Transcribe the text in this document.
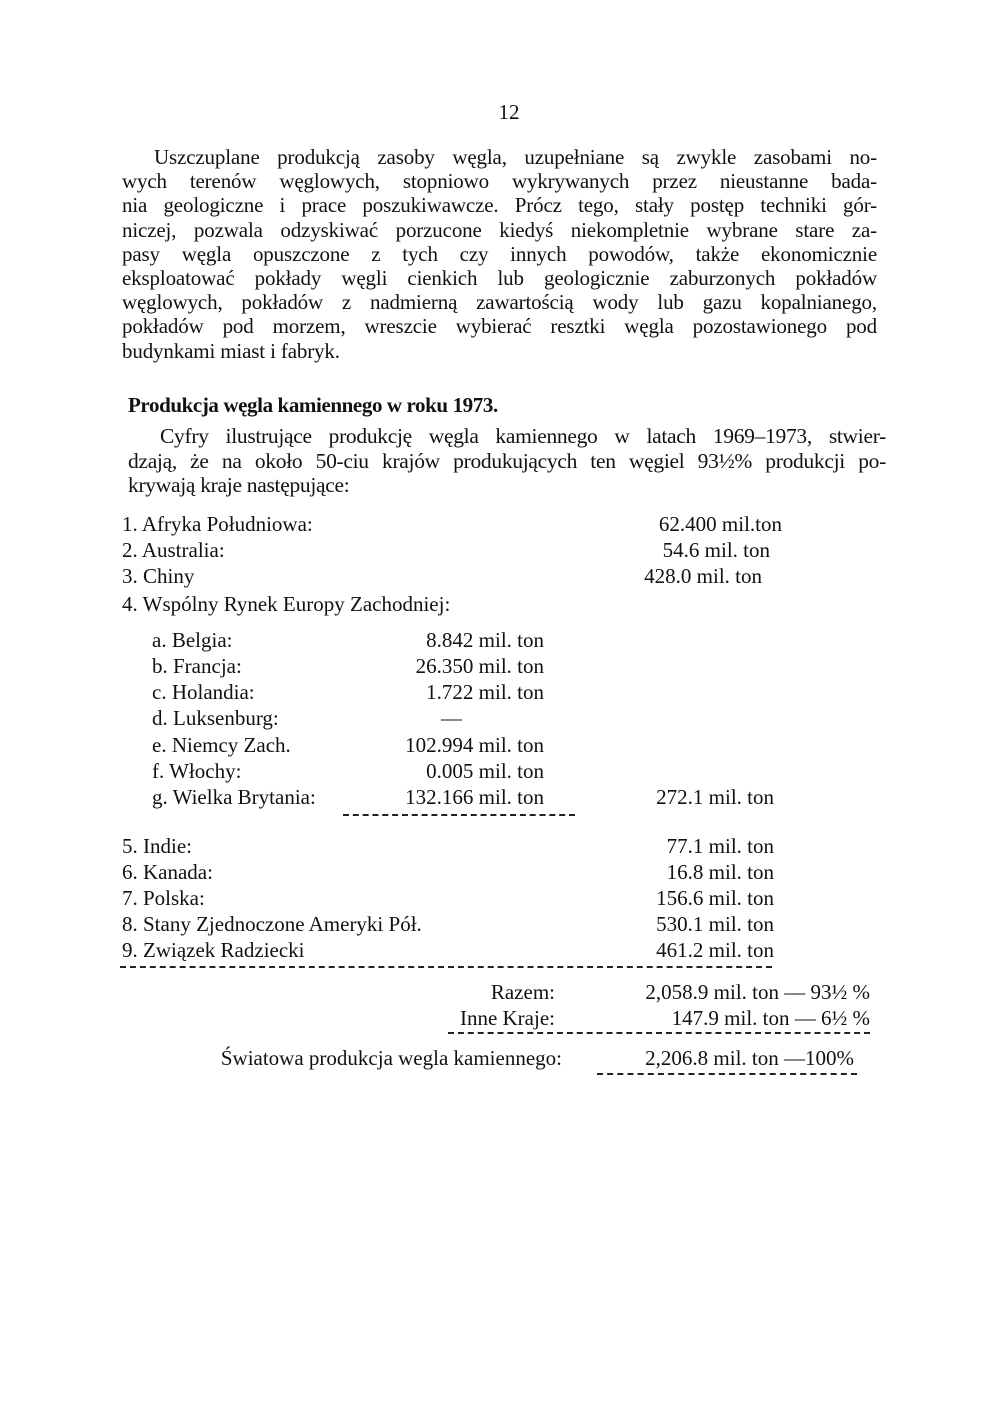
12
Uszczuplane produkcją zasoby węgla, uzupełniane są zwykle zasobami no-
wych terenów węglowych, stopniowo wykrywanych przez nieustanne bada-
nia geologiczne i prace poszukiwawcze. Prócz tego, stały postęp techniki gór-
niczej, pozwala odzyskiwać porzucone kiedyś niekompletnie wybrane stare za-
pasy węgla opuszczone z tych czy innych powodów, także ekonomicznie
eksploatować pokłady węgli cienkich lub geologicznie zaburzonych pokładów
węglowych, pokładów z nadmierną zawartością wody lub gazu kopalnianego,
pokładów pod morzem, wreszcie wybierać resztki węgla pozostawionego pod
budynkami miast i fabryk.
Produkcja węgla kamiennego w roku 1973.
Cyfry ilustrujące produkcję węgla kamiennego w latach 1969–1973, stwier-
dzają, że na około 50-ciu krajów produkujących ten węgiel 93½% produkcji po-
krywają kraje następujące:
1. Afryka Południowa:	62.400 mil.ton
2. Australia:	54.6 mil. ton
3. Chiny	428.0 mil. ton
4. Wspólny Rynek Europy Zachodniej:
a. Belgia:	8.842 mil. ton
b. Francja:	26.350 mil. ton
c. Holandia:	1.722 mil. ton
d. Luksenburg:	—
e. Niemcy Zach.	102.994 mil. ton
f. Włochy:	0.005 mil. ton
g. Wielka Brytania:	132.166 mil. ton	272.1 mil. ton
5. Indie:	77.1 mil. ton
6. Kanada:	16.8 mil. ton
7. Polska:	156.6 mil. ton
8. Stany Zjednoczone Ameryki Pół.	530.1 mil. ton
9. Związek Radziecki	461.2 mil. ton
Razem:	2,058.9 mil. ton — 93½ %
Inne Kraje:	147.9 mil. ton — 6½ %
Światowa produkcja wegla kamiennego:	2,206.8 mil. ton —100%
